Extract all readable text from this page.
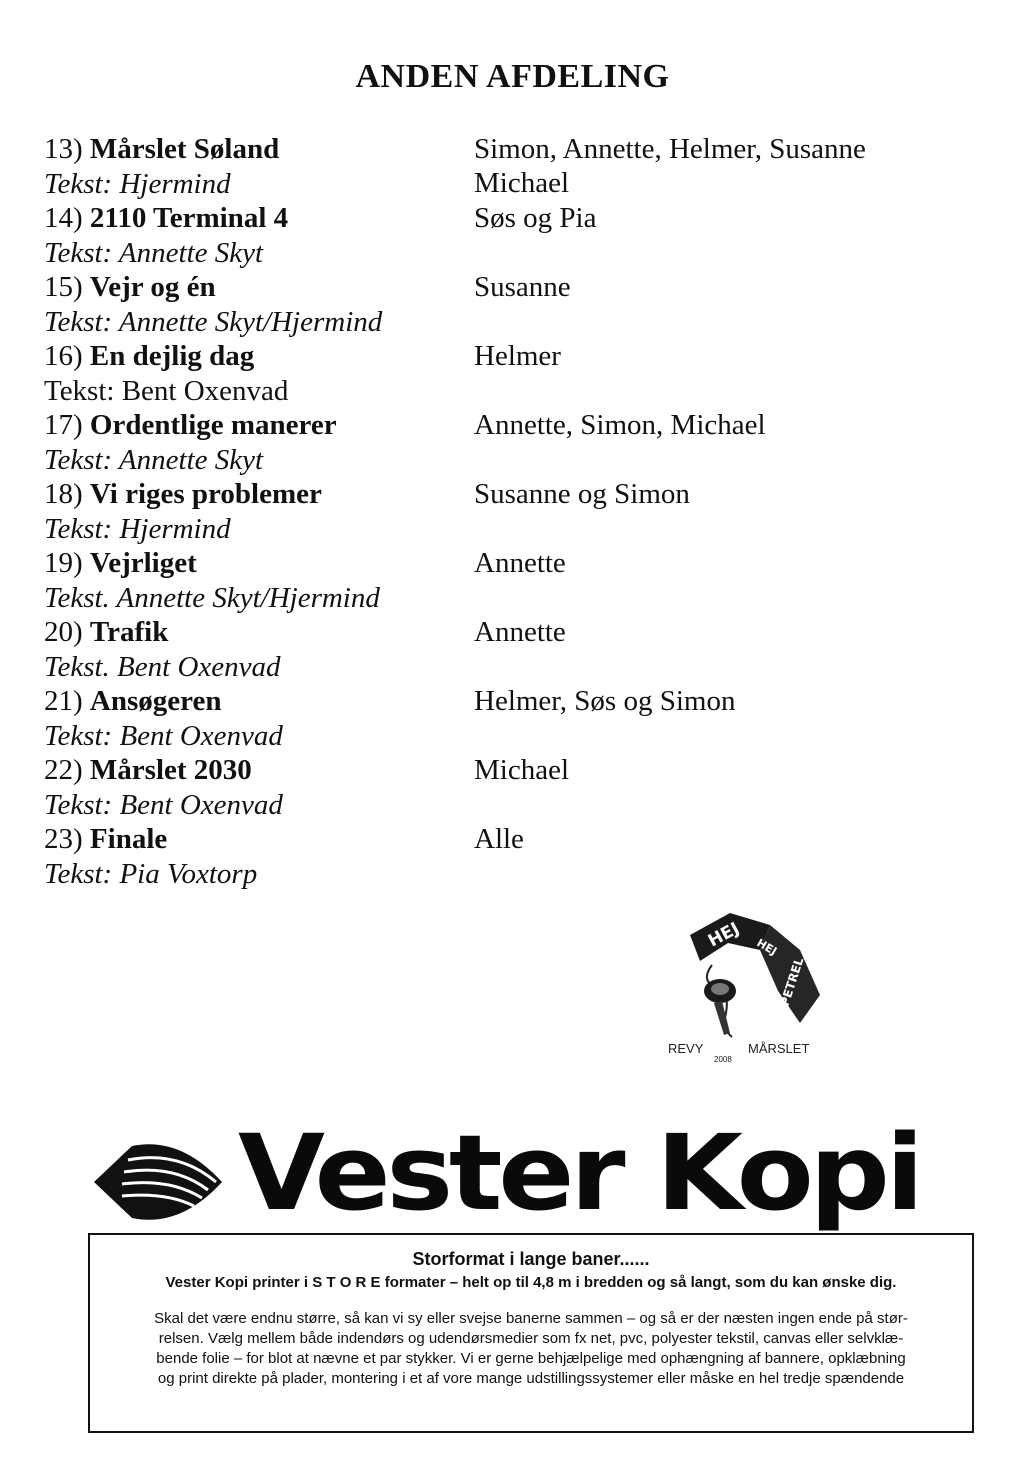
ANDEN AFDELING
13) Mårslet Søland
Tekst: Hjermind
Simon, Annette, Helmer, Susanne
Michael
14) 2110 Terminal 4
Tekst: Annette Skyt
Søs og Pia
15) Vejr og én
Tekst: Annette Skyt/Hjermind
Susanne
16) En dejlig dag
Tekst: Bent Oxenvad
Helmer
17) Ordentlige manerer
Tekst: Annette Skyt
Annette, Simon, Michael
18) Vi riges problemer
Tekst: Hjermind
Susanne og Simon
19) Vejrliget
Tekst. Annette Skyt/Hjermind
Annette
20) Trafik
Tekst. Bent Oxenvad
Annette
21) Ansøgeren
Tekst: Bent Oxenvad
Helmer, Søs og Simon
22) Mårslet 2030
Tekst: Bent Oxenvad
Michael
23) Finale
Tekst: Pia Voxtorp
Alle
HEJ HEJ
PETREL
REVY	MÅRSLET
2008
Vester Kopi
Storformat i lange baner......
Vester Kopi printer i S T O R E formater – helt op til 4,8 m i bredden og så langt, som du kan ønske dig.
Skal det være endnu større, så kan vi sy eller svejse banerne sammen – og så er der næsten ingen ende på stør-
relsen. Vælg mellem både indendørs og udendørsmedier som fx net, pvc, polyester tekstil, canvas eller selvklæ-
bende folie – for blot at nævne et par stykker. Vi er gerne behjælpelige med ophængning af bannere, opklæbning
og print direkte på plader, montering i et af vore mange udstillingssystemer eller måske en hel tredje spændende
